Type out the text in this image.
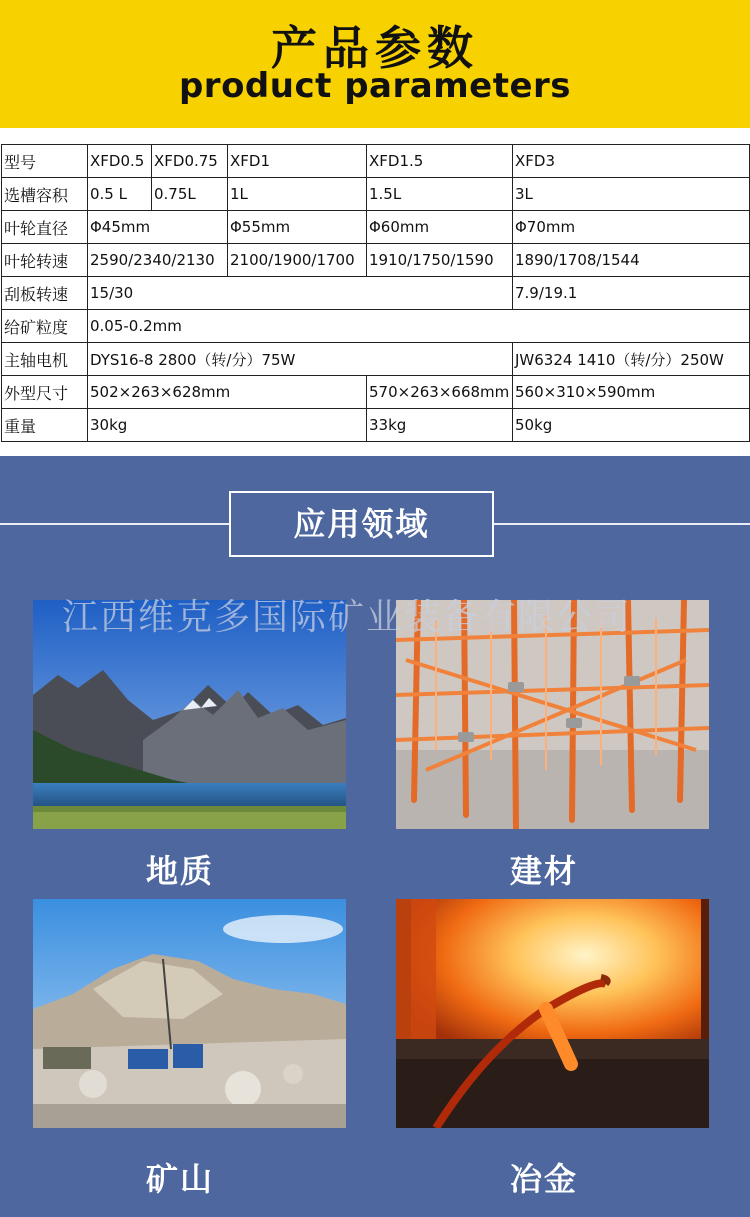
产品参数
product parameters
型号	XFD0.5	XFD0.75	XFD1	XFD1.5	XFD3
选槽容积	0.5 L	0.75L	1L	1.5L	3L
叶轮直径	Φ45mm		Φ55mm	Φ60mm	Φ70mm
叶轮转速	2590/2340/2130		2100/1900/1700	1910/1750/1590	1890/1708/1544
刮板转速	15/30				7.9/19.1
给矿粒度	0.05-0.2mm				
主轴电机	DYS16-8 2800（转/分）75W				JW6324 1410（转/分）250W
外型尺寸	502×263×628mm			570×263×668mm	560×310×590mm
重量	30kg			33kg	50kg
应用领域
江西维克多国际矿业装备有限公司
地质	建材
矿山	冶金
